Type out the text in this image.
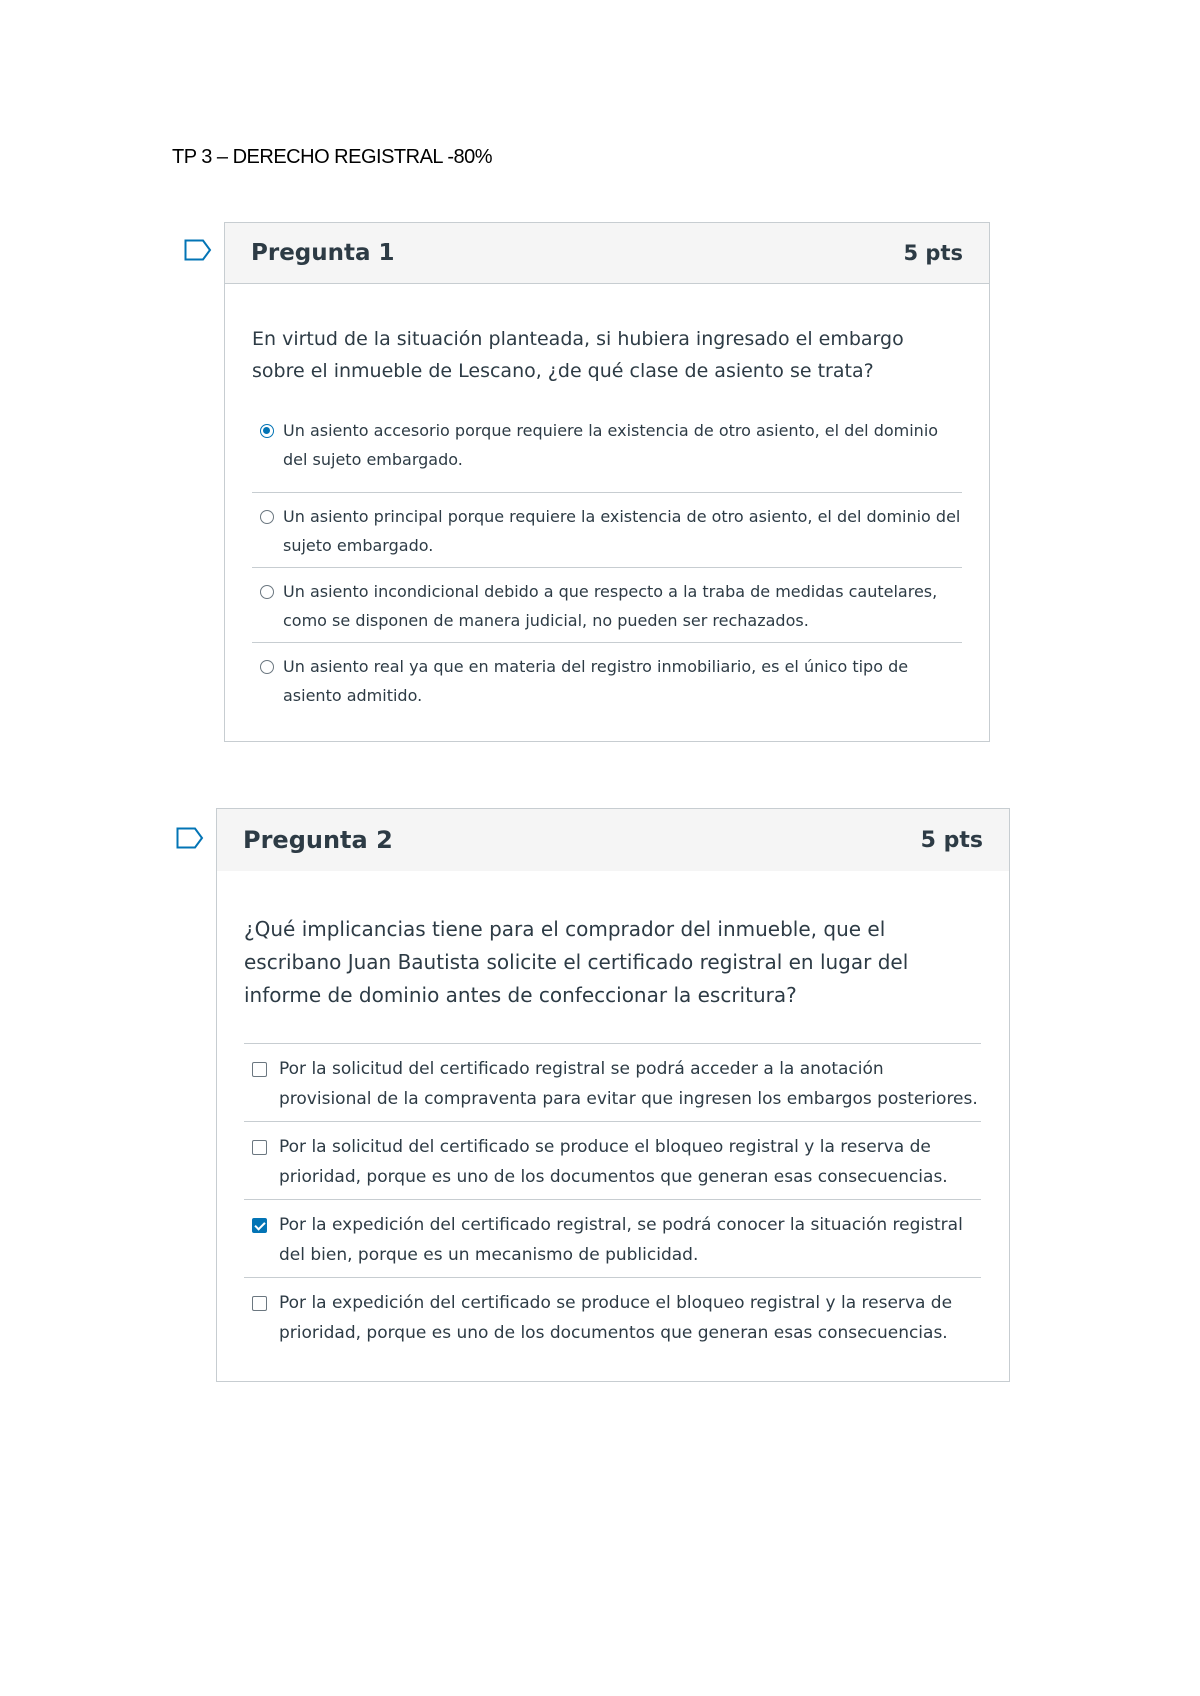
TP 3 – DERECHO REGISTRAL -80%
Pregunta 1	5 pts
En virtud de la situación planteada, si hubiera ingresado el embargo sobre el inmueble de Lescano, ¿de qué clase de asiento se trata?
Un asiento accesorio porque requiere la existencia de otro asiento, el del dominio del sujeto embargado.
Un asiento principal porque requiere la existencia de otro asiento, el del dominio del sujeto embargado.
Un asiento incondicional debido a que respecto a la traba de medidas cautelares, como se disponen de manera judicial, no pueden ser rechazados.
Un asiento real ya que en materia del registro inmobiliario, es el único tipo de asiento admitido.
Pregunta 2	5 pts
¿Qué implicancias tiene para el comprador del inmueble, que el escribano Juan Bautista solicite el certificado registral en lugar del informe de dominio antes de confeccionar la escritura?
Por la solicitud del certificado registral se podrá acceder a la anotación provisional de la compraventa para evitar que ingresen los embargos posteriores.
Por la solicitud del certificado se produce el bloqueo registral y la reserva de prioridad, porque es uno de los documentos que generan esas consecuencias.
Por la expedición del certificado registral, se podrá conocer la situación registral del bien, porque es un mecanismo de publicidad.
Por la expedición del certificado se produce el bloqueo registral y la reserva de prioridad, porque es uno de los documentos que generan esas consecuencias.
